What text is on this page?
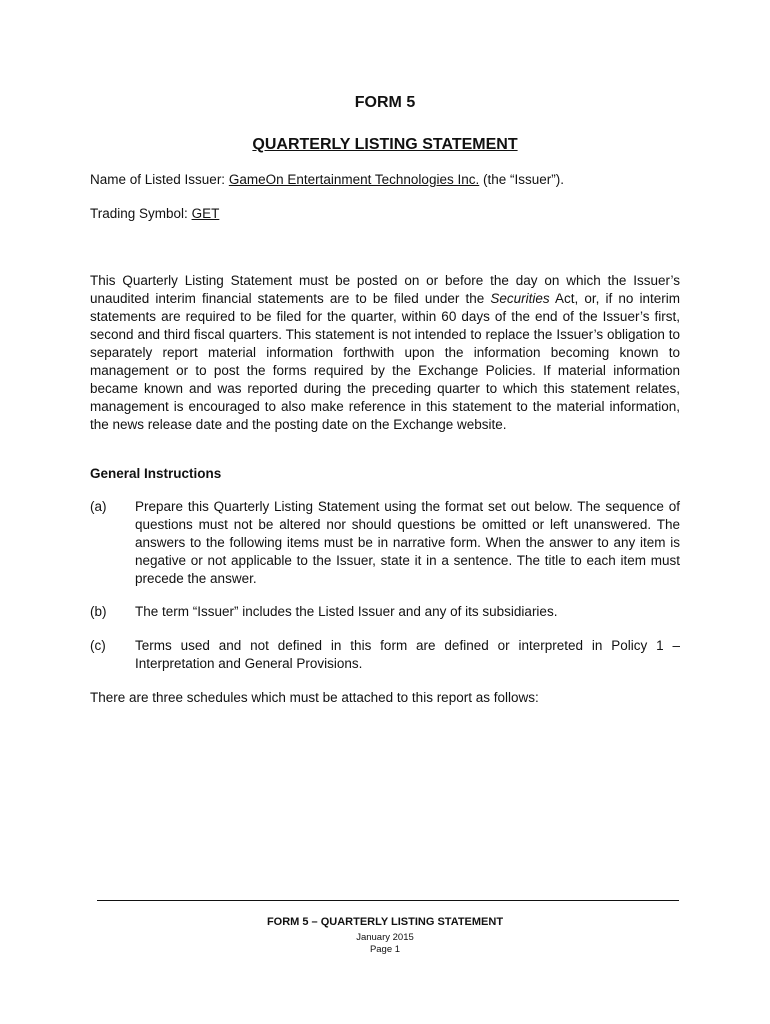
FORM 5
QUARTERLY LISTING STATEMENT
Name of Listed Issuer: GameOn Entertainment Technologies Inc. (the “Issuer”).
Trading Symbol: GET

This Quarterly Listing Statement must be posted on or before the day on which the Issuer’s unaudited interim financial statements are to be filed under the Securities Act, or, if no interim statements are required to be filed for the quarter, within 60 days of the end of the Issuer’s first, second and third fiscal quarters. This statement is not intended to replace the Issuer’s obligation to separately report material information forthwith upon the information becoming known to management or to post the forms required by the Exchange Policies. If material information became known and was reported during the preceding quarter to which this statement relates, management is encouraged to also make reference in this statement to the material information, the news release date and the posting date on the Exchange website.

General Instructions
(a)	Prepare this Quarterly Listing Statement using the format set out below. The sequence of questions must not be altered nor should questions be omitted or left unanswered. The answers to the following items must be in narrative form. When the answer to any item is negative or not applicable to the Issuer, state it in a sentence. The title to each item must precede the answer.
(b)	The term “Issuer” includes the Listed Issuer and any of its subsidiaries.
(c)	Terms used and not defined in this form are defined or interpreted in Policy 1 – Interpretation and General Provisions.
There are three schedules which must be attached to this report as follows:
FORM 5 – QUARTERLY LISTING STATEMENT
January 2015
Page 1
